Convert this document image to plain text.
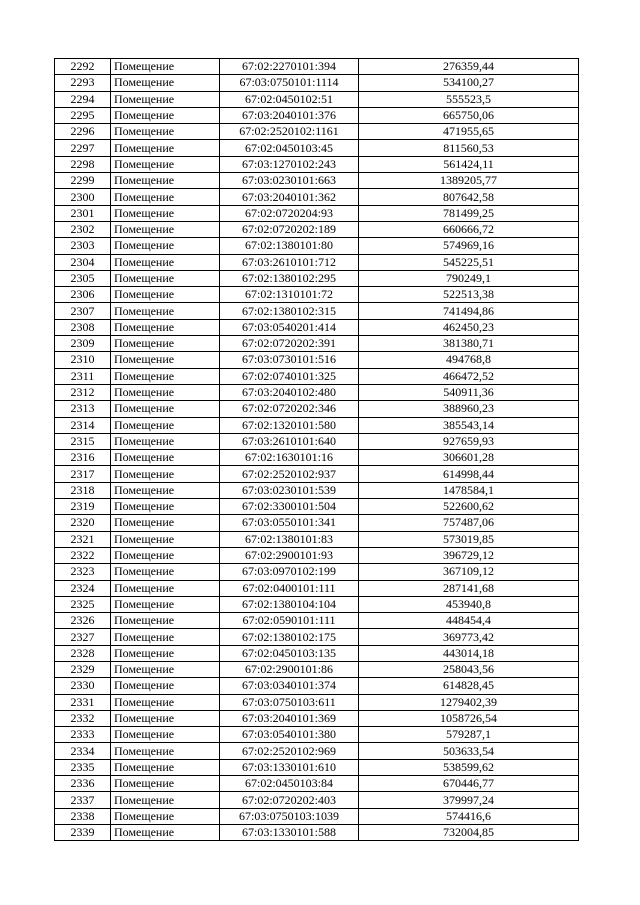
2292	Помещение	67:02:2270101:394	276359,44
2293	Помещение	67:03:0750101:1114	534100,27
2294	Помещение	67:02:0450102:51	555523,5
2295	Помещение	67:03:2040101:376	665750,06
2296	Помещение	67:02:2520102:1161	471955,65
2297	Помещение	67:02:0450103:45	811560,53
2298	Помещение	67:03:1270102:243	561424,11
2299	Помещение	67:03:0230101:663	1389205,77
2300	Помещение	67:03:2040101:362	807642,58
2301	Помещение	67:02:0720204:93	781499,25
2302	Помещение	67:02:0720202:189	660666,72
2303	Помещение	67:02:1380101:80	574969,16
2304	Помещение	67:03:2610101:712	545225,51
2305	Помещение	67:02:1380102:295	790249,1
2306	Помещение	67:02:1310101:72	522513,38
2307	Помещение	67:02:1380102:315	741494,86
2308	Помещение	67:03:0540201:414	462450,23
2309	Помещение	67:02:0720202:391	381380,71
2310	Помещение	67:03:0730101:516	494768,8
2311	Помещение	67:02:0740101:325	466472,52
2312	Помещение	67:03:2040102:480	540911,36
2313	Помещение	67:02:0720202:346	388960,23
2314	Помещение	67:02:1320101:580	385543,14
2315	Помещение	67:03:2610101:640	927659,93
2316	Помещение	67:02:1630101:16	306601,28
2317	Помещение	67:02:2520102:937	614998,44
2318	Помещение	67:03:0230101:539	1478584,1
2319	Помещение	67:02:3300101:504	522600,62
2320	Помещение	67:03:0550101:341	757487,06
2321	Помещение	67:02:1380101:83	573019,85
2322	Помещение	67:02:2900101:93	396729,12
2323	Помещение	67:03:0970102:199	367109,12
2324	Помещение	67:02:0400101:111	287141,68
2325	Помещение	67:02:1380104:104	453940,8
2326	Помещение	67:02:0590101:111	448454,4
2327	Помещение	67:02:1380102:175	369773,42
2328	Помещение	67:02:0450103:135	443014,18
2329	Помещение	67:02:2900101:86	258043,56
2330	Помещение	67:03:0340101:374	614828,45
2331	Помещение	67:03:0750103:611	1279402,39
2332	Помещение	67:03:2040101:369	1058726,54
2333	Помещение	67:03:0540101:380	579287,1
2334	Помещение	67:02:2520102:969	503633,54
2335	Помещение	67:03:1330101:610	538599,62
2336	Помещение	67:02:0450103:84	670446,77
2337	Помещение	67:02:0720202:403	379997,24
2338	Помещение	67:03:0750103:1039	574416,6
2339	Помещение	67:03:1330101:588	732004,85
